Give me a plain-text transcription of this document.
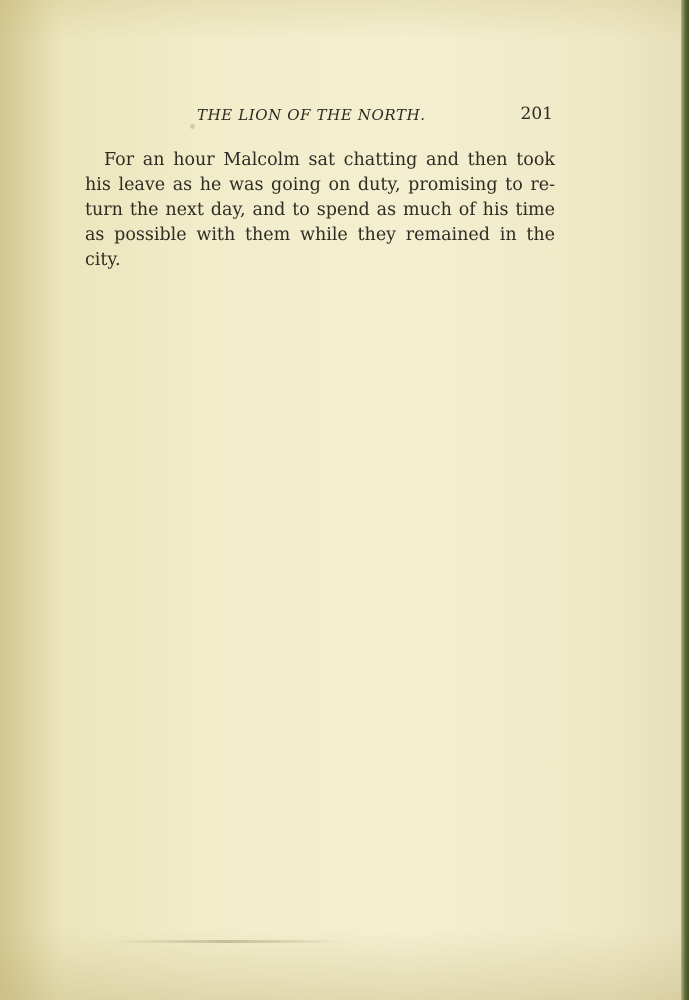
THE LION OF THE NORTH.	201
For an hour Malcolm sat chatting and then took
his leave as he was going on duty, promising to re-
turn the next day, and to spend as much of his time
as possible with them while they remained in the
city.
